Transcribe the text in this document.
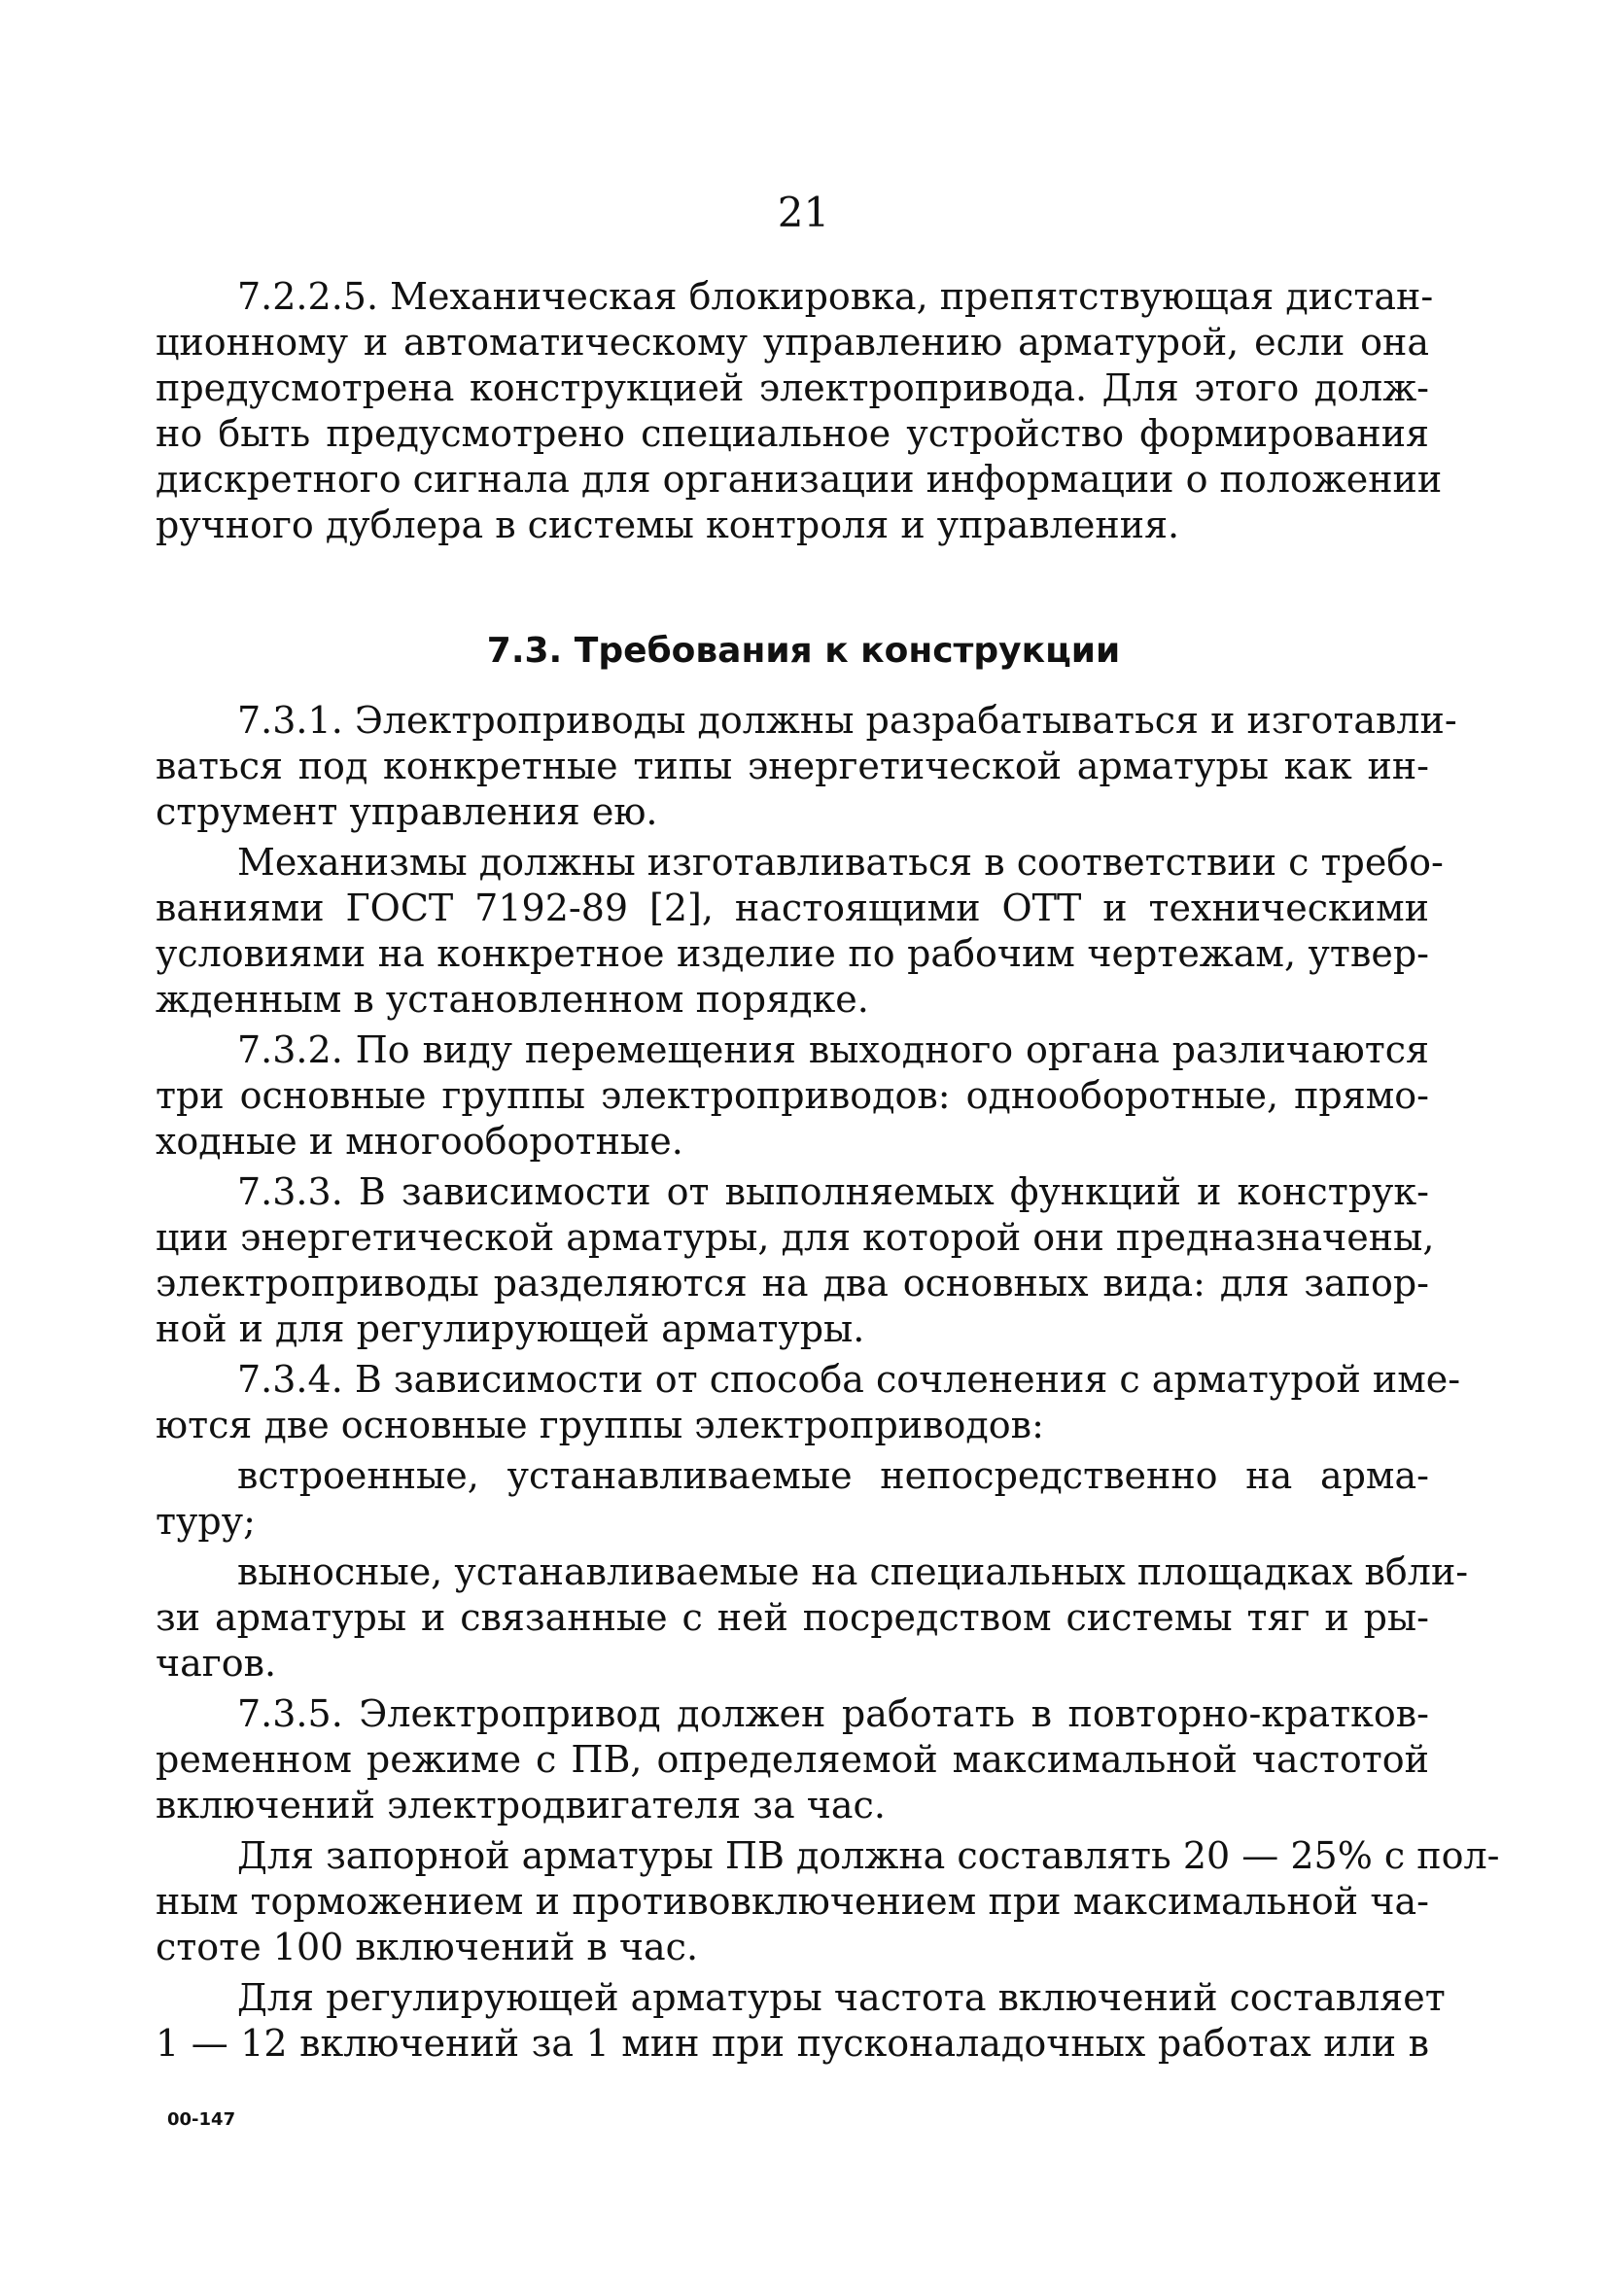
21
7.2.2.5. Механическая блокировка, препятствующая дистан-
ционному и автоматическому управлению арматурой, если она
предусмотрена конструкцией электропривода. Для этого долж-
но быть предусмотрено специальное устройство формирования
дискретного сигнала для организации информации о положении
ручного дублера в системы контроля и управления.
7.3. Требования к конструкции
7.3.1. Электроприводы должны разрабатываться и изготавли-
ваться под конкретные типы энергетической арматуры как ин-
струмент управления ею.
Механизмы должны изготавливаться в соответствии с требо-
ваниями ГОСТ 7192-89 [2], настоящими ОТТ и техническими
условиями на конкретное изделие по рабочим чертежам, утвер-
жденным в установленном порядке.
7.3.2. По виду перемещения выходного органа различаются
три основные группы электроприводов: однооборотные, прямо-
ходные и многооборотные.
7.3.3. В зависимости от выполняемых функций и конструк-
ции энергетической арматуры, для которой они предназначены,
электроприводы разделяются на два основных вида: для запор-
ной и для регулирующей арматуры.
7.3.4. В зависимости от способа сочленения с арматурой име-
ются две основные группы электроприводов:
встроенные, устанавливаемые непосредственно на арма-
туру;
выносные, устанавливаемые на специальных площадках вбли-
зи арматуры и связанные с ней посредством системы тяг и ры-
чагов.
7.3.5. Электропривод должен работать в повторно-кратков-
ременном режиме с ПВ, определяемой максимальной частотой
включений электродвигателя за час.
Для запорной арматуры ПВ должна составлять 20 — 25% с пол-
ным торможением и противовключением при максимальной ча-
стоте 100 включений в час.
Для регулирующей арматуры частота включений составляет
1 — 12 включений за 1 мин при пусконаладочных работах или в
00-147
